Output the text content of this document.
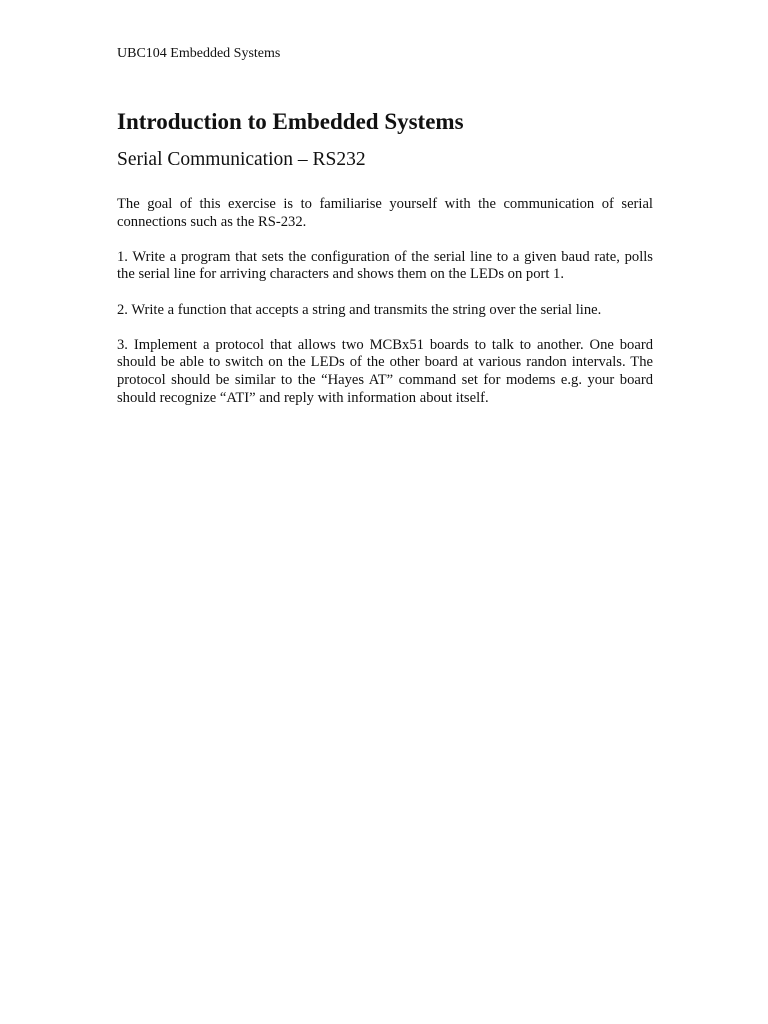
UBC104 Embedded Systems
Introduction to Embedded Systems
Serial Communication – RS232

The goal of this exercise is to familiarise yourself with the communication of serial connections such as the RS-232.

1. Write a program that sets the configuration of the serial line to a given baud rate, polls the serial line for arriving characters and shows them on the LEDs on port 1.

2. Write a function that accepts a string and transmits the string over the serial line.

3. Implement a protocol that allows two MCBx51 boards to talk to another. One board should be able to switch on the LEDs of the other board at various randon intervals. The protocol should be similar to the “Hayes AT” command set for modems e.g. your board should recognize “ATI” and reply with information about itself.
